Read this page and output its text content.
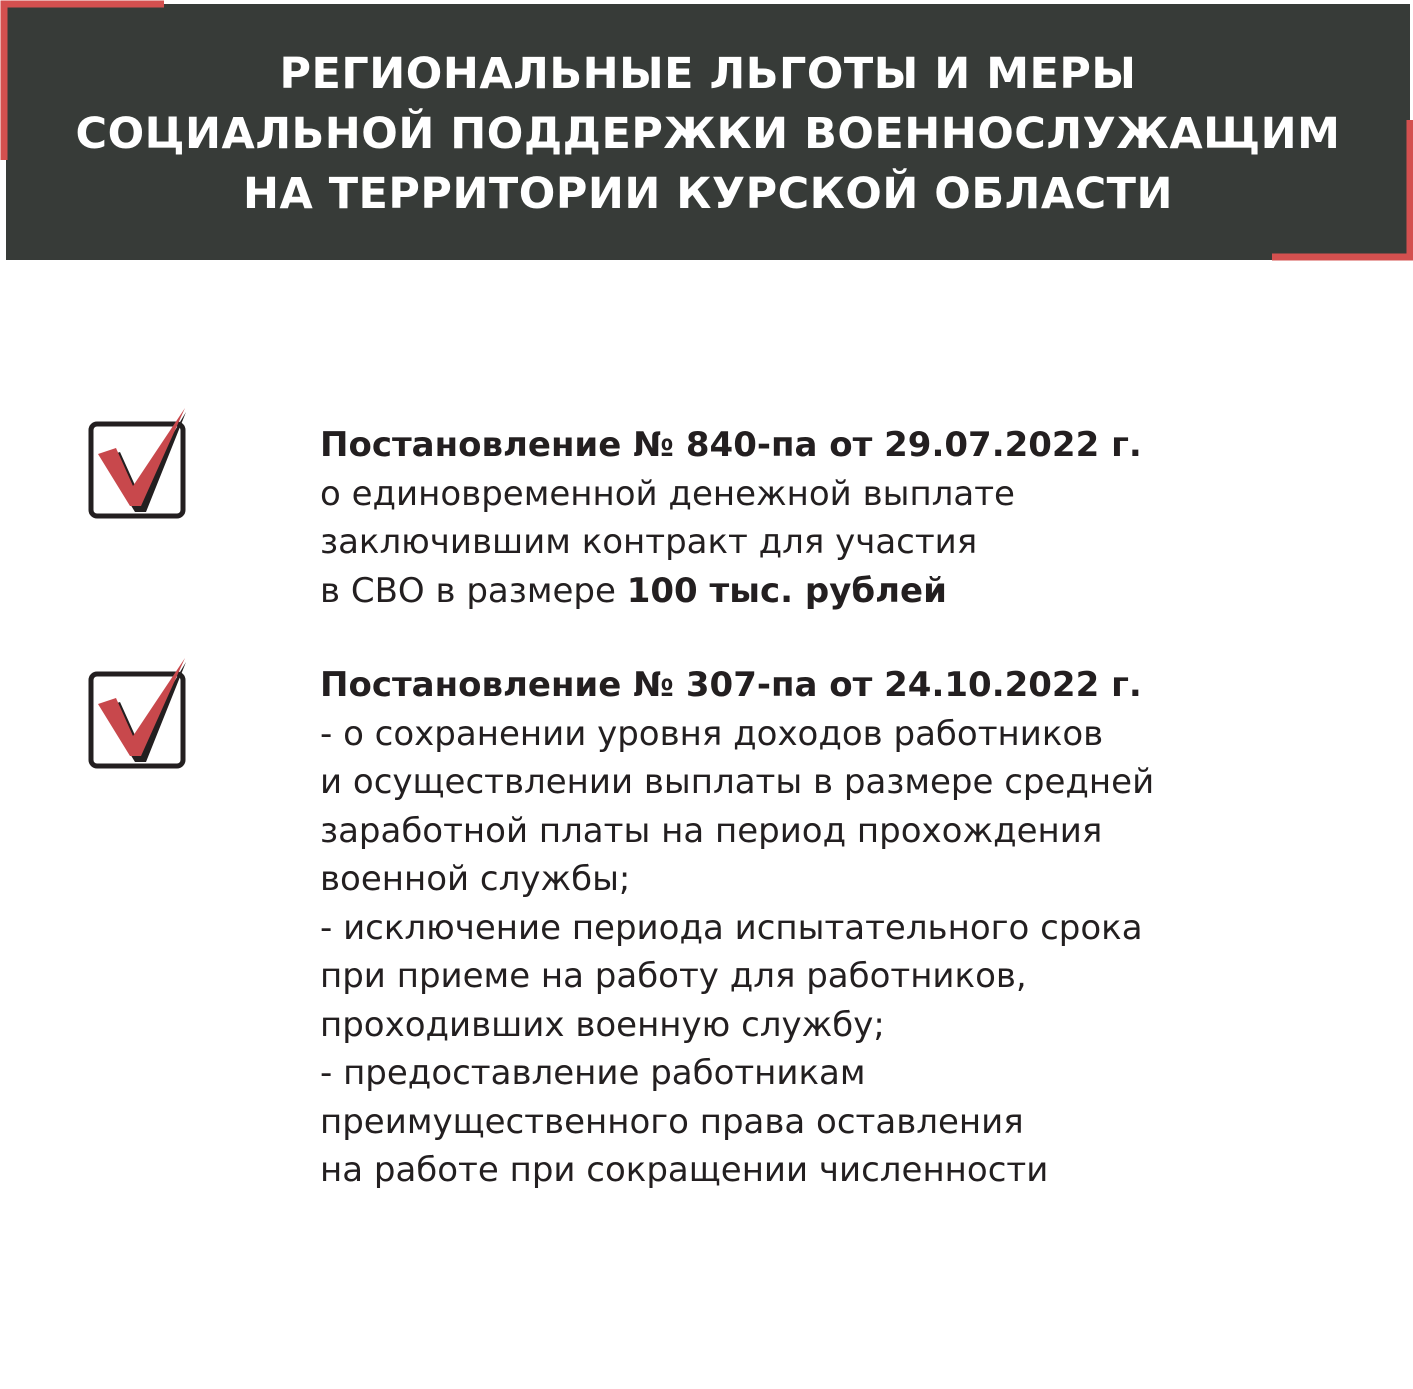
РЕГИОНАЛЬНЫЕ ЛЬГОТЫ И МЕРЫ
СОЦИАЛЬНОЙ ПОДДЕРЖКИ ВОЕННОСЛУЖАЩИМ
НА ТЕРРИТОРИИ КУРСКОЙ ОБЛАСТИ
Постановление № 840-па от 29.07.2022 г.
о единовременной денежной выплате
заключившим контракт для участия
в СВО в размере 100 тыс. рублей
Постановление № 307-па от 24.10.2022 г.
- о сохранении уровня доходов работников
и осуществлении выплаты в размере средней
заработной платы на период прохождения
военной службы;
- исключение периода испытательного срока
при приеме на работу для работников,
проходивших военную службу;
- предоставление работникам
преимущественного права оставления
на работе при сокращении численности
